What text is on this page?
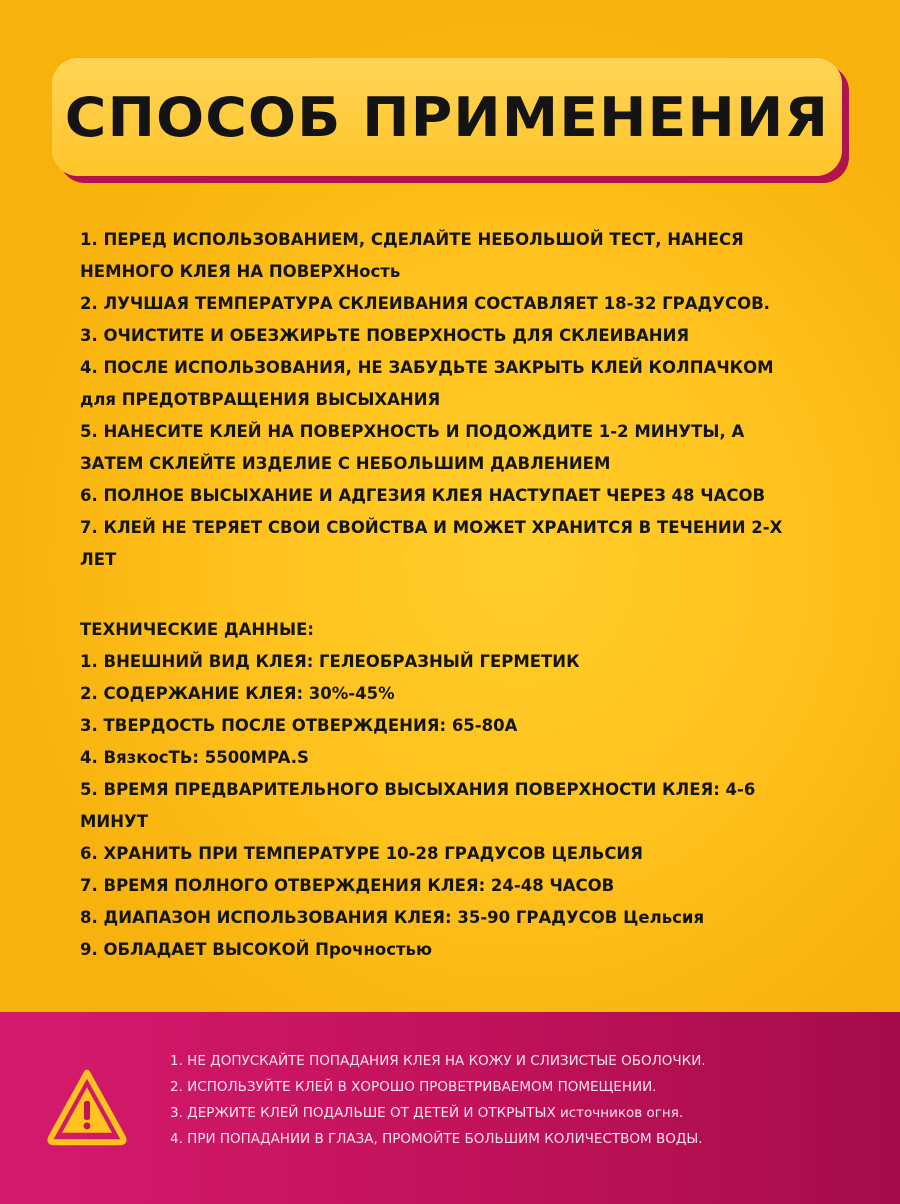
СПОСОБ ПРИМЕНЕНИЯ
1. ПЕРЕД ИСПОЛЬЗОВАНИЕМ, СДЕЛАЙТЕ НЕБОЛЬШОЙ ТЕСТ, НАНЕСЯ
НЕМНОГО КЛЕЯ НА ПОВЕРХНость
2. ЛУЧШАЯ ТЕМПЕРАТУРА СКЛЕИВАНИЯ СОСТАВЛЯЕТ 18-32 ГРАДУСОВ.
3. ОЧИСТИТЕ И ОБЕЗЖИРЬТЕ ПОВЕРХНОСТЬ ДЛЯ СКЛЕИВАНИЯ
4. ПОСЛЕ ИСПОЛЬЗОВАНИЯ, НЕ ЗАБУДЬТЕ ЗАКРЫТЬ КЛЕЙ КОЛПАЧКОМ
для ПРЕДОТВРАЩЕНИЯ ВЫСЫХАНИЯ
5. НАНЕСИТЕ КЛЕЙ НА ПОВЕРХНОСТЬ И ПОДОЖДИТЕ 1-2 МИНУТЫ, А
ЗАТЕМ СКЛЕЙТЕ ИЗДЕЛИЕ С НЕБОЛЬШИМ ДАВЛЕНИЕМ
6. ПОЛНОЕ ВЫСЫХАНИЕ И АДГЕЗИЯ КЛЕЯ НАСТУПАЕТ ЧЕРЕЗ 48 ЧАСОВ
7. КЛЕЙ НЕ ТЕРЯЕТ СВОИ СВОЙСТВА И МОЖЕТ ХРАНИТСЯ В ТЕЧЕНИИ 2-Х
ЛЕТ
ТЕХНИЧЕСКИЕ ДАННЫЕ:
1. ВНЕШНИЙ ВИД КЛЕЯ: ГЕЛЕОБРАЗНЫЙ ГЕРМЕТИК
2. СОДЕРЖАНИЕ КЛЕЯ: 30%-45%
3. ТВЕРДОСТЬ ПОСЛЕ ОТВЕРЖДЕНИЯ: 65-80А
4. ВязкосТЬ: 5500MPA.S
5. ВРЕМЯ ПРЕДВАРИТЕЛЬНОГО ВЫСЫХАНИЯ ПОВЕРХНОСТИ КЛЕЯ: 4-6
МИНУТ
6. ХРАНИТЬ ПРИ ТЕМПЕРАТУРЕ 10-28 ГРАДУСОВ ЦЕЛЬСИЯ
7. ВРЕМЯ ПОЛНОГО ОТВЕРЖДЕНИЯ КЛЕЯ: 24-48 ЧАСОВ
8. ДИАПАЗОН ИСПОЛЬЗОВАНИЯ КЛЕЯ: 35-90 ГРАДУСОВ Цельсия
9. ОБЛАДАЕТ ВЫСОКОЙ Прочностью
1. НЕ ДОПУСКАЙТЕ ПОПАДАНИЯ КЛЕЯ НА КОЖУ И СЛИЗИСТЫЕ ОБОЛОЧКИ.
2. ИСПОЛЬЗУЙТЕ КЛЕЙ В ХОРОШО ПРОВЕТРИВАЕМОМ ПОМЕЩЕНИИ.
3. ДЕРЖИТЕ КЛЕЙ ПОДАЛЬШЕ ОТ ДЕТЕЙ И ОТКРЫТЫХ источников огня.
4. ПРИ ПОПАДАНИИ В ГЛАЗА, ПРОМОЙТЕ БОЛЬШИМ КОЛИЧЕСТВОМ ВОДЫ.
